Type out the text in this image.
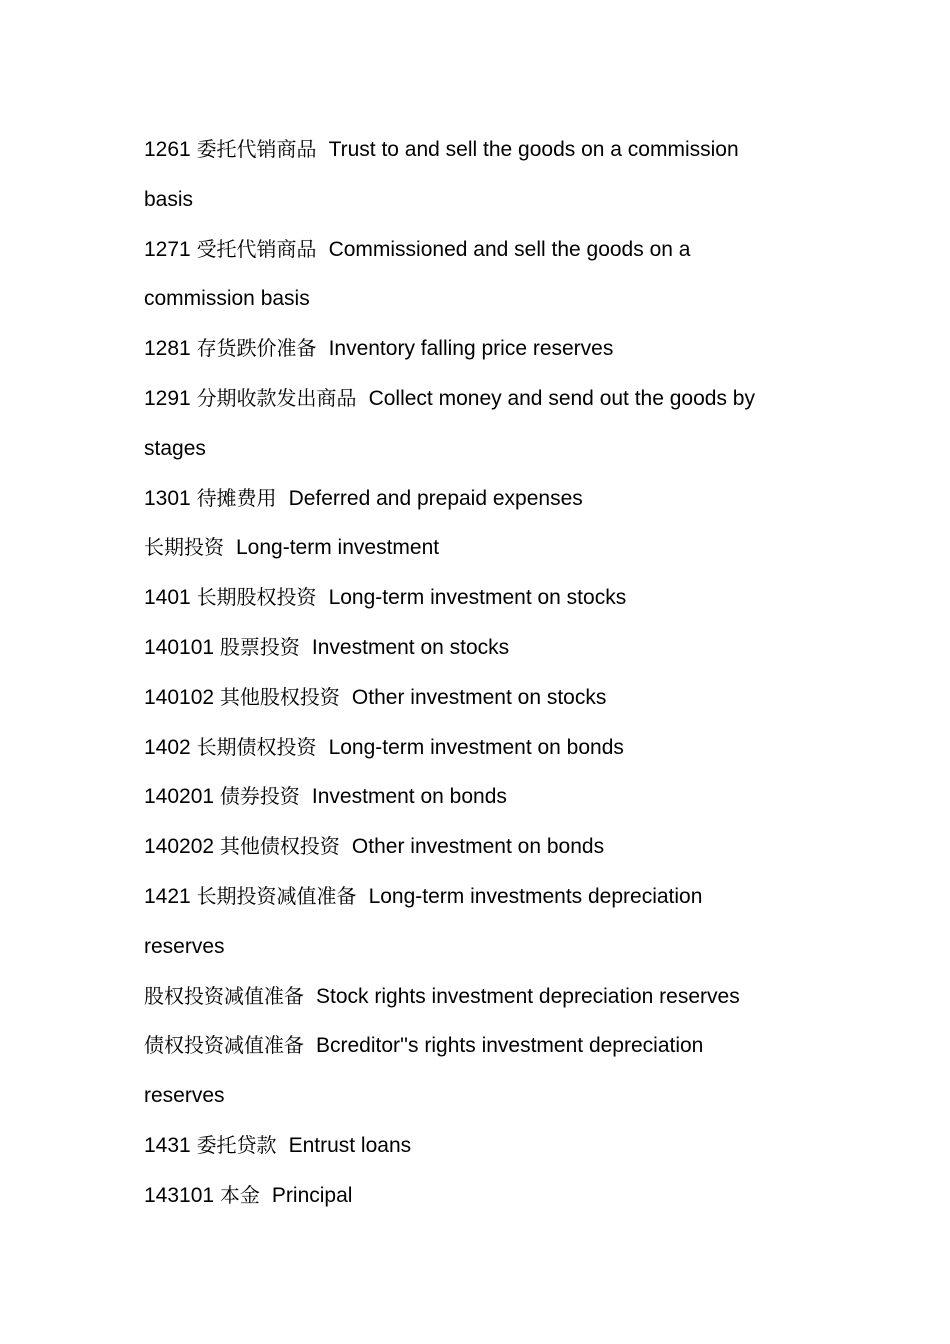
1261 委托代销商品 Trust to and sell the goods on a commission
basis
1271 受托代销商品 Commissioned and sell the goods on a
commission basis
1281 存货跌价准备 Inventory falling price reserves
1291 分期收款发出商品 Collect money and send out the goods by
stages
1301 待摊费用 Deferred and prepaid expenses
长期投资 Long-term investment
1401 长期股权投资 Long-term investment on stocks
140101 股票投资 Investment on stocks
140102 其他股权投资 Other investment on stocks
1402 长期债权投资 Long-term investment on bonds
140201 债券投资 Investment on bonds
140202 其他债权投资 Other investment on bonds
1421 长期投资减值准备 Long-term investments depreciation
reserves
股权投资减值准备 Stock rights investment depreciation reserves
债权投资减值准备 Bcreditor''s rights investment depreciation
reserves
1431 委托贷款 Entrust loans
143101 本金 Principal
